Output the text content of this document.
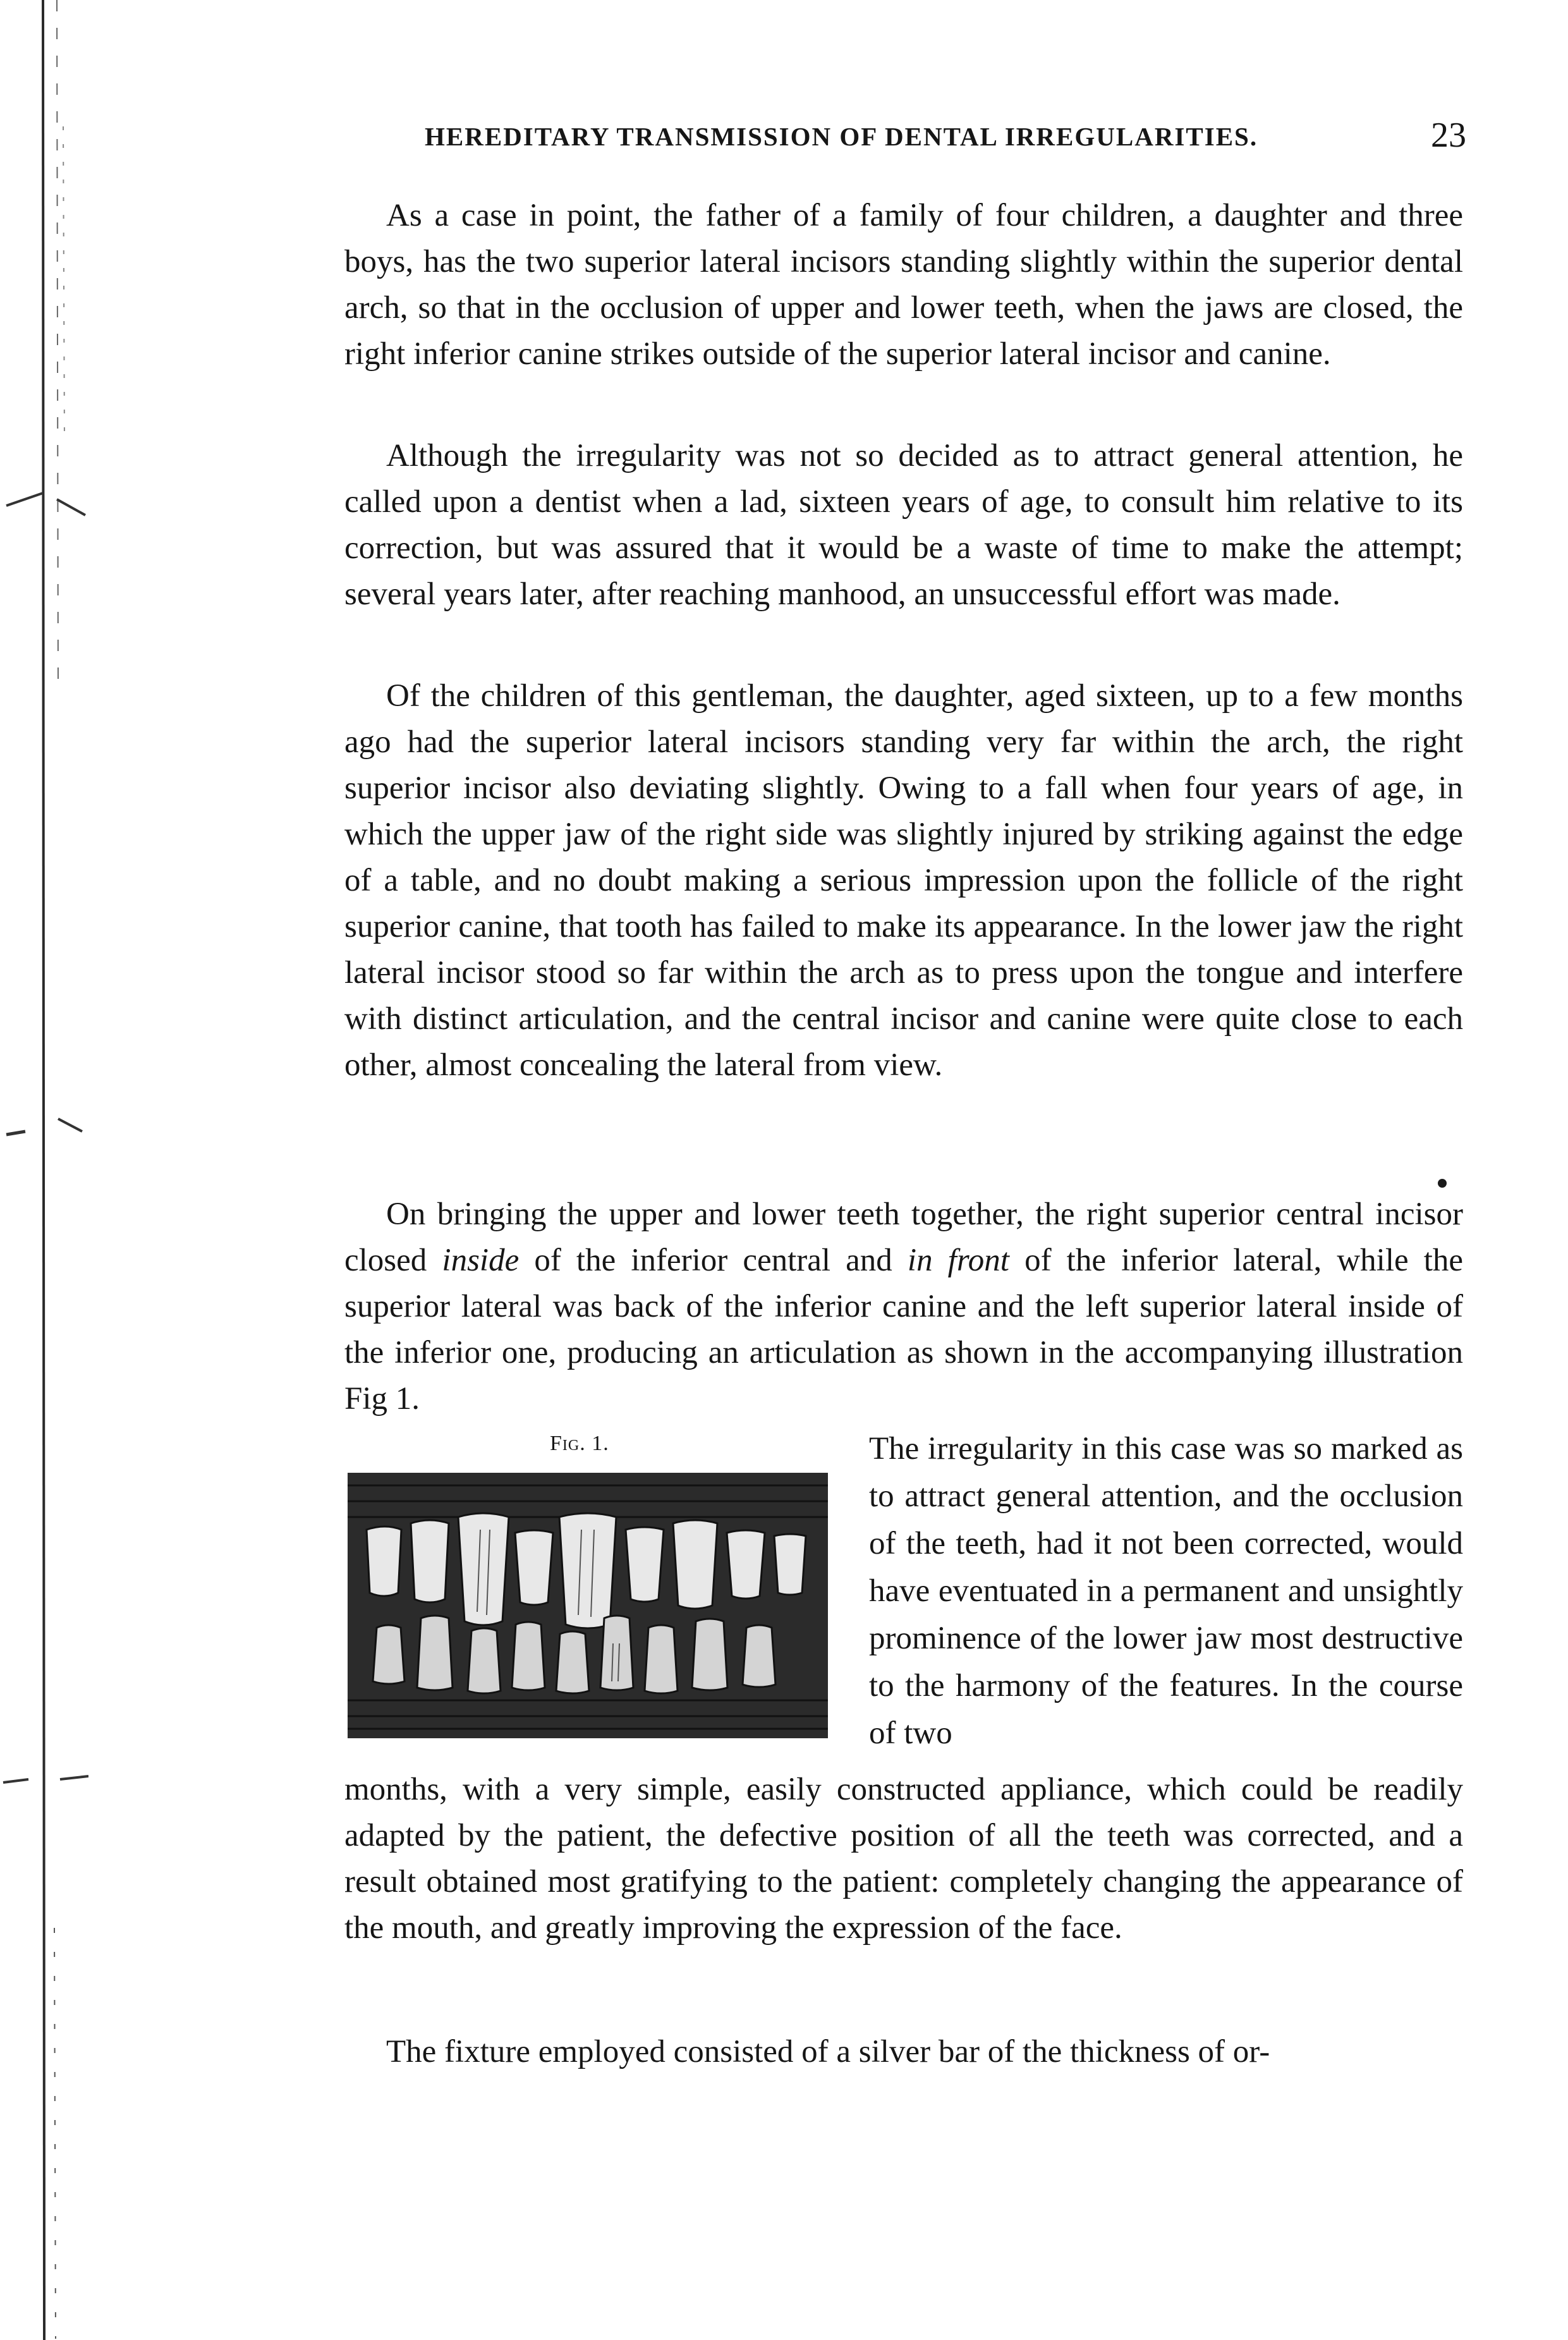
HEREDITARY TRANSMISSION OF DENTAL IRREGULARITIES.	23

As a case in point, the father of a family of four children, a daughter and three boys, has the two superior lateral incisors standing slightly within the superior dental arch, so that in the occlusion of upper and lower teeth, when the jaws are closed, the right inferior canine strikes outside of the superior lateral incisor and canine.

Although the irregularity was not so decided as to attract general attention, he called upon a dentist when a lad, sixteen years of age, to consult him relative to its correction, but was assured that it would be a waste of time to make the attempt; several years later, after reaching manhood, an unsuccessful effort was made.

Of the children of this gentleman, the daughter, aged sixteen, up to a few months ago had the superior lateral incisors standing very far within the arch, the right superior incisor also deviating slightly. Owing to a fall when four years of age, in which the upper jaw of the right side was slightly injured by striking against the edge of a table, and no doubt making a serious impression upon the follicle of the right superior canine, that tooth has failed to make its appearance. In the lower jaw the right lateral incisor stood so far within the arch as to press upon the tongue and interfere with distinct articulation, and the central incisor and canine were quite close to each other, almost concealing the lateral from view.

On bringing the upper and lower teeth together, the right superior central incisor closed inside of the inferior central and in front of the inferior lateral, while the superior lateral was back of the inferior canine and the left superior lateral inside of the inferior one, producing an articulation as shown in the accompanying illustration Fig 1.

Fig. 1.	The irregularity in this case was so marked as to attract general attention, and the occlusion of the teeth, had it not been corrected, would have eventuated in a permanent and unsightly prominence of the lower jaw most destructive to the harmony of the features. In the course of two

months, with a very simple, easily constructed appliance, which could be readily adapted by the patient, the defective position of all the teeth was corrected, and a result obtained most gratifying to the patient: completely changing the appearance of the mouth, and greatly improving the expression of the face.

The fixture employed consisted of a silver bar of the thickness of or-
